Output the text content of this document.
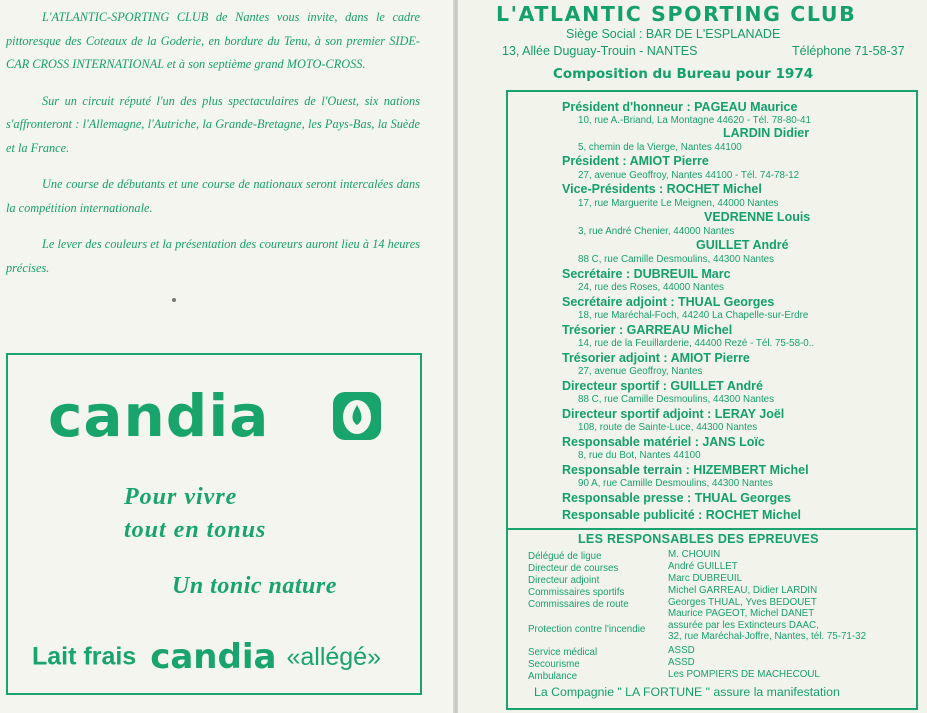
L'ATLANTIC-SPORTING CLUB de Nantes vous invite, dans le cadre pittoresque des Coteaux de la Goderie, en bordure du Tenu, à son premier SIDE-CAR CROSS INTERNATIONAL et à son septième grand MOTO-CROSS.

Sur un circuit réputé l'un des plus spectaculaires de l'Ouest, six nations s'affronteront : l'Allemagne, l'Autriche, la Grande-Bretagne, les Pays-Bas, la Suède et la France.

Une course de débutants et une course de nationaux seront intercalées dans la compétition internationale.

Le lever des couleurs et la présentation des coureurs auront lieu à 14 heures précises.

candia
Pour vivre
tout en tonus
Un tonic nature
Lait frais candia «allégé»
L'ATLANTIC SPORTING CLUB
Siège Social : BAR DE L'ESPLANADE
13, Allée Duguay-Trouin - NANTES	Téléphone 71-58-37
Composition du Bureau pour 1974
Président d'honneur : PAGEAU Maurice
10, rue A.-Briand, La Montagne 44620 - Tél. 78-80-41
LARDIN Didier
5, chemin de la Vierge, Nantes 44100
Président : AMIOT Pierre
27, avenue Geoffroy, Nantes 44100 - Tél. 74-78-12
Vice-Présidents : ROCHET Michel
17, rue Marguerite Le Meignen, 44000 Nantes
VEDRENNE Louis
3, rue André Chenier, 44000 Nantes
GUILLET André
88 C, rue Camille Desmoulins, 44300 Nantes
Secrétaire : DUBREUIL Marc
24, rue des Roses, 44000 Nantes
Secrétaire adjoint : THUAL Georges
18, rue Maréchal-Foch, 44240 La Chapelle-sur-Erdre
Trésorier : GARREAU Michel
14, rue de la Feuillarderie, 44400 Rezé - Tél. 75-58-0..
Trésorier adjoint : AMIOT Pierre
27, avenue Geoffroy, Nantes
Directeur sportif : GUILLET André
88 C, rue Camille Desmoulins, 44300 Nantes
Directeur sportif adjoint : LERAY Joël
108, route de Sainte-Luce, 44300 Nantes
Responsable matériel : JANS Loïc
8, rue du Bot, Nantes 44100
Responsable terrain : HIZEMBERT Michel
90 A, rue Camille Desmoulins, 44300 Nantes
Responsable presse : THUAL Georges
Responsable publicité : ROCHET Michel
LES RESPONSABLES DES EPREUVES
Délégué de ligue	M. CHOUIN
Directeur de courses	André GUILLET
Directeur adjoint	Marc DUBREUIL
Commissaires sportifs	Michel GARREAU, Didier LARDIN
Commissaires de route	Georges THUAL, Yves BEDOUET
Maurice PAGEOT, Michel DANET
Protection contre l'incendie assurée par les Extincteurs DAAC,
32, rue Maréchal-Joffre, Nantes, tél. 75-71-32
Service médical	ASSD
Secourisme	ASSD
Ambulance	Les POMPIERS DE MACHECOUL
La Compagnie " LA FORTUNE " assure la manifestation
